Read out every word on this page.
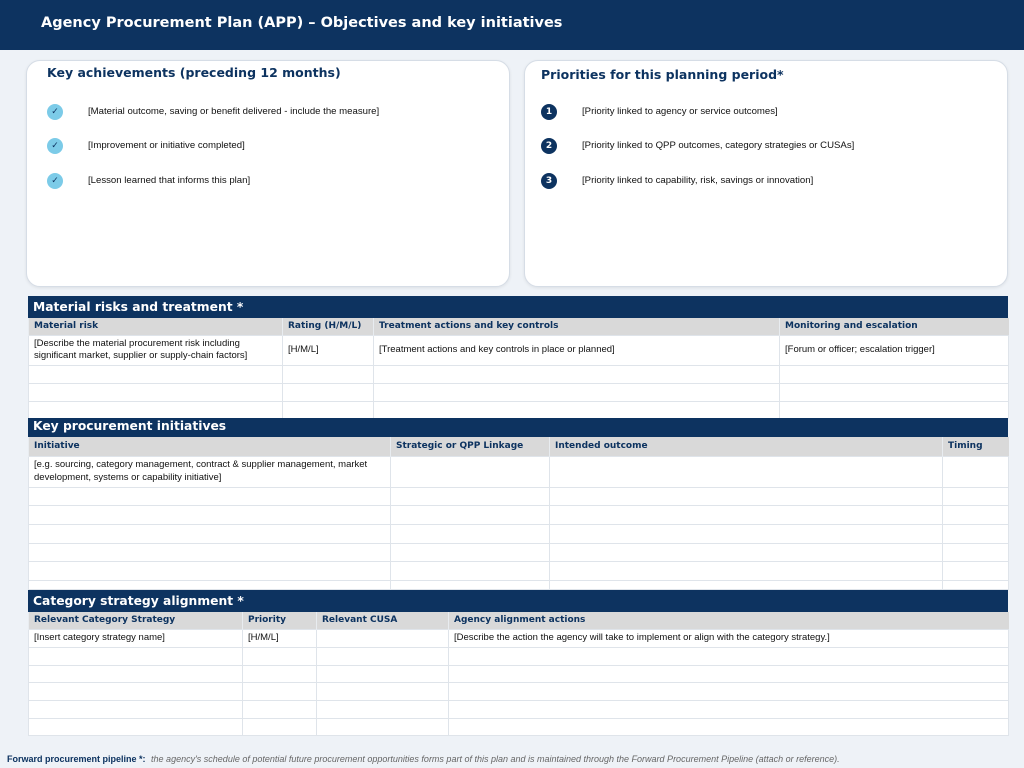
Agency Procurement Plan (APP) – Objectives and key initiatives
Key achievements (preceding 12 months)
✓	[Material outcome, saving or benefit delivered - include the measure]
✓	[Improvement or initiative completed]
✓	[Lesson learned that informs this plan]
Priorities for this planning period*
1	[Priority linked to agency or service outcomes]
2	[Priority linked to QPP outcomes, category strategies or CUSAs]
3	[Priority linked to capability, risk, savings or innovation]
Material risks and treatment *
Material risk	Rating (H/M/L)	Treatment actions and key controls	Monitoring and escalation
[Describe the material procurement risk including significant market, supplier or supply-chain factors]	[H/M/L]	[Treatment actions and key controls in place or planned]	[Forum or officer; escalation trigger]

Key procurement initiatives
Initiative	Strategic or QPP Linkage	Intended outcome	Timing
[e.g. sourcing, category management, contract & supplier management, market development, systems or capability initiative]			

Category strategy alignment *
Relevant Category Strategy	Priority	Relevant CUSA	Agency alignment actions
[Insert category strategy name]	[H/M/L]		[Describe the action the agency will take to implement or align with the category strategy.]

Forward procurement pipeline *: the agency's schedule of potential future procurement opportunities forms part of this plan and is maintained through the Forward Procurement Pipeline (attach or reference).
